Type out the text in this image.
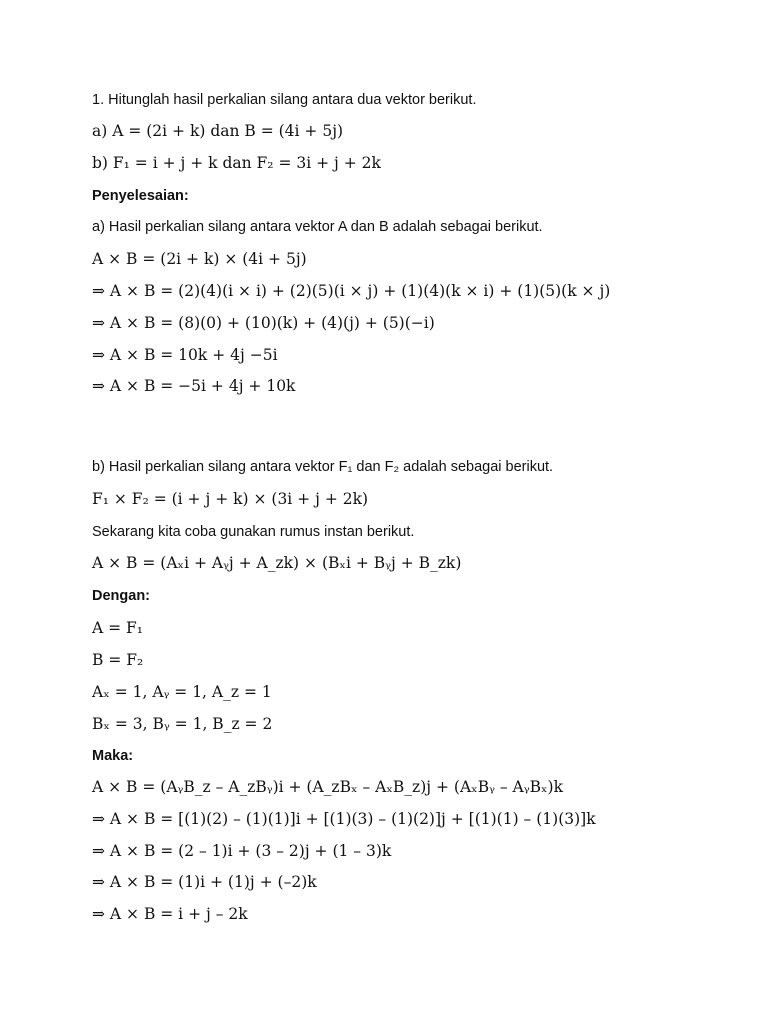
1. Hitunglah hasil perkalian silang antara dua vektor berikut.
a) A = (2i + k) dan B = (4i + 5j)
b) F₁ = i + j + k dan F₂ = 3i + j + 2k
Penyelesaian:
a) Hasil perkalian silang antara vektor A dan B adalah sebagai berikut.
A × B = (2i + k) × (4i + 5j)
⇒ A × B = (2)(4)(i × i) + (2)(5)(i × j) + (1)(4)(k × i) + (1)(5)(k × j)
⇒ A × B = (8)(0) + (10)(k) + (4)(j) + (5)(−i)
⇒ A × B = 10k + 4j −5i
⇒ A × B = −5i + 4j + 10k
b) Hasil perkalian silang antara vektor F₁ dan F₂ adalah sebagai berikut.
F₁ × F₂ = (i + j + k) × (3i + j + 2k)
Sekarang kita coba gunakan rumus instan berikut.
A × B = (Aₓi + Aᵧj + A_zk) × (Bₓi + Bᵧj + B_zk)
Dengan:
A = F₁
B = F₂
Aₓ = 1, Aᵧ = 1, A_z = 1
Bₓ = 3, Bᵧ = 1, B_z = 2
Maka:
A × B = (AᵧB_z – A_zBᵧ)i + (A_zBₓ – AₓB_z)j + (AₓBᵧ – AᵧBₓ)k
⇒ A × B = [(1)(2) – (1)(1)]i + [(1)(3) – (1)(2)]j + [(1)(1) – (1)(3)]k
⇒ A × B = (2 – 1)i + (3 – 2)j + (1 – 3)k
⇒ A × B = (1)i + (1)j + (–2)k
⇒ A × B = i + j – 2k
